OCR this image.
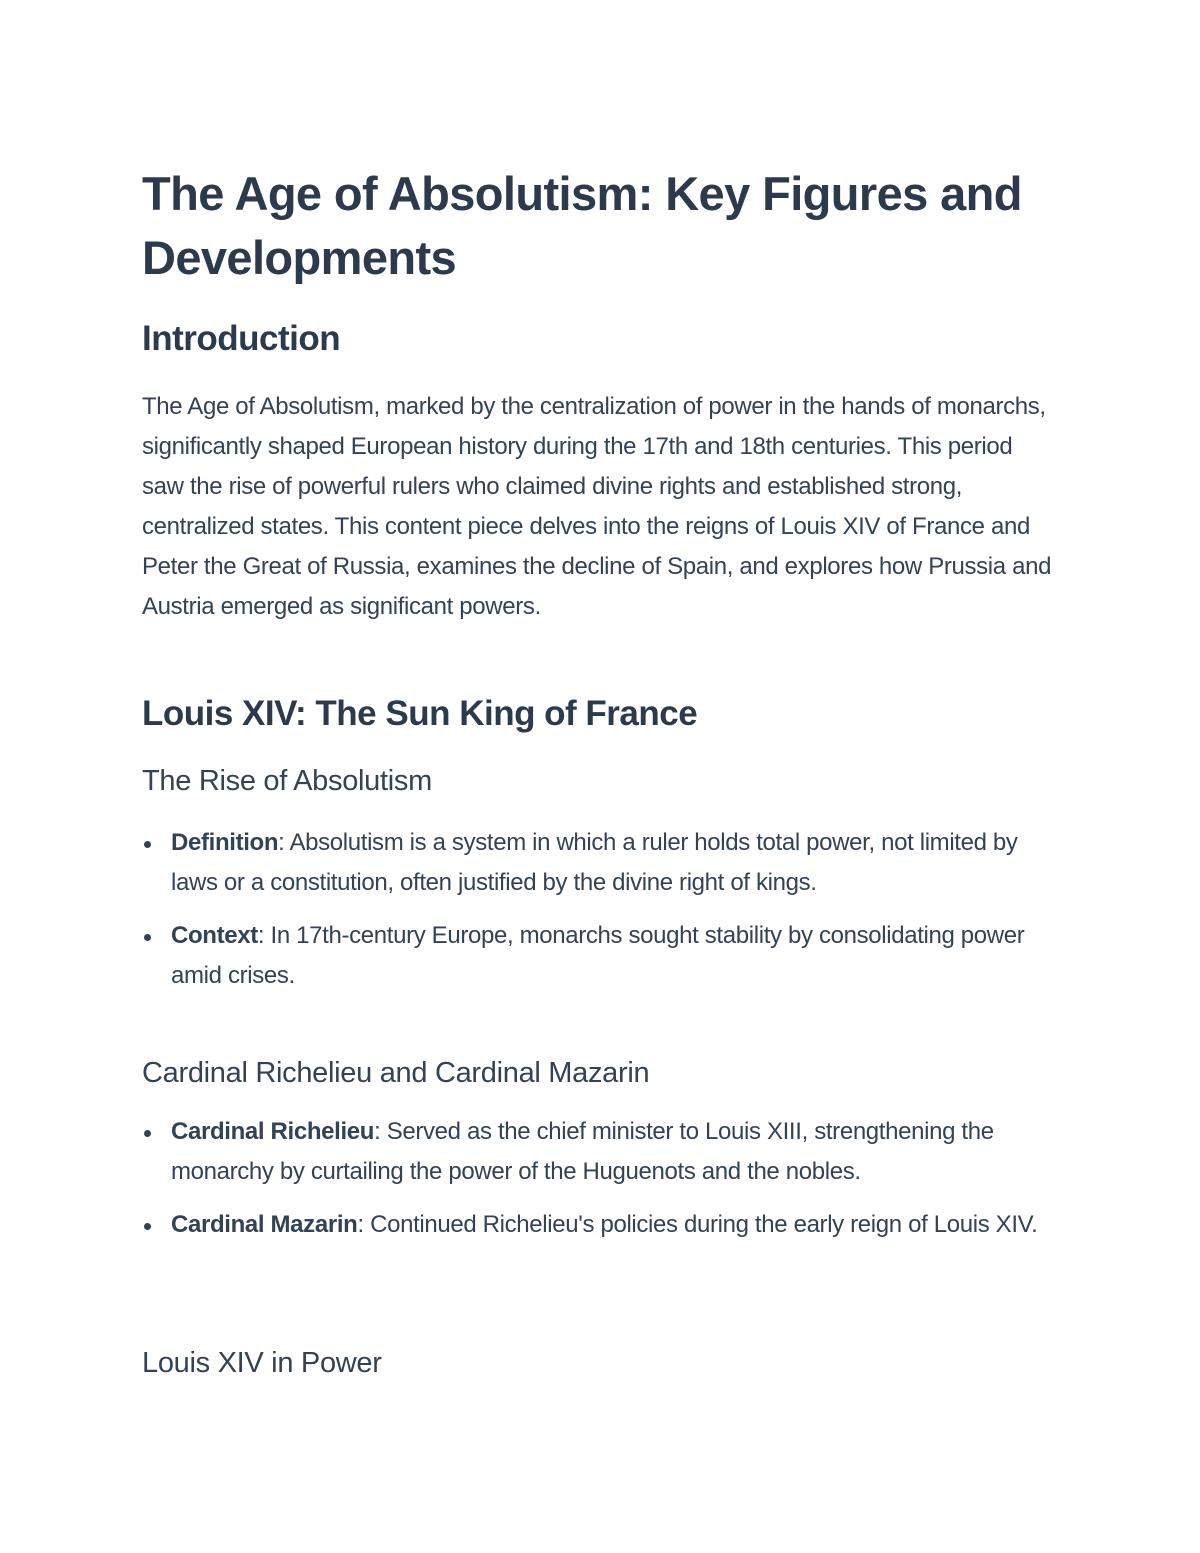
The Age of Absolutism: Key Figures and Developments
Introduction

The Age of Absolutism, marked by the centralization of power in the hands of monarchs, significantly shaped European history during the 17th and 18th centuries. This period saw the rise of powerful rulers who claimed divine rights and established strong, centralized states. This content piece delves into the reigns of Louis XIV of France and Peter the Great of Russia, examines the decline of Spain, and explores how Prussia and Austria emerged as significant powers.

Louis XIV: The Sun King of France
The Rise of Absolutism
Definition: Absolutism is a system in which a ruler holds total power, not limited by laws or a constitution, often justified by the divine right of kings.
Context: In 17th-century Europe, monarchs sought stability by consolidating power amid crises.
Cardinal Richelieu and Cardinal Mazarin
Cardinal Richelieu: Served as the chief minister to Louis XIII, strengthening the monarchy by curtailing the power of the Huguenots and the nobles.
Cardinal Mazarin: Continued Richelieu's policies during the early reign of Louis XIV.
Louis XIV in Power
